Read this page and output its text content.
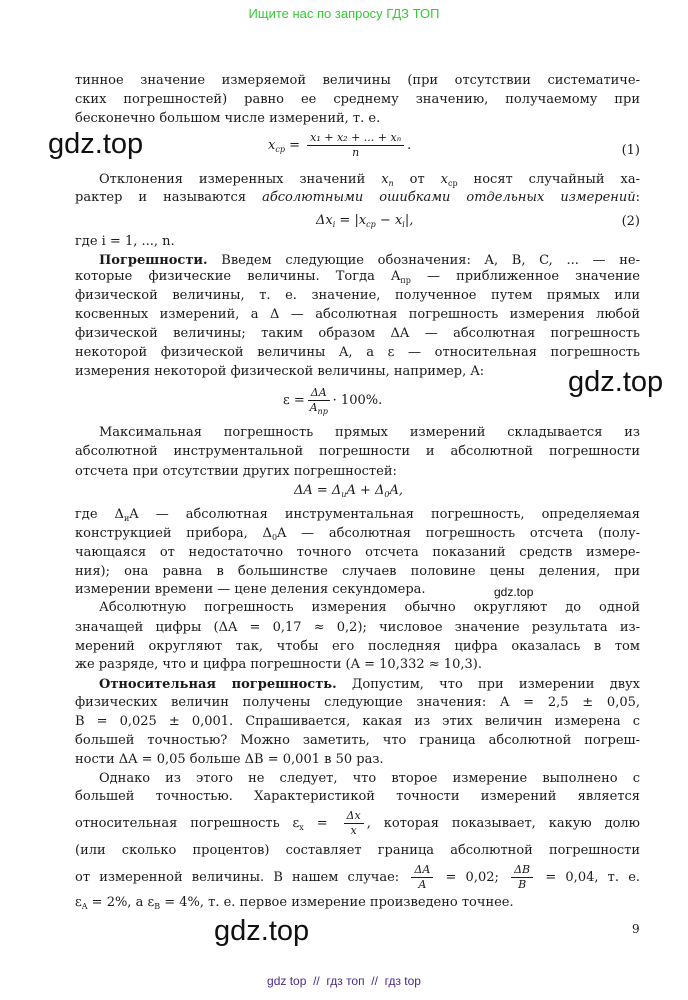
Ищите нас по запросу ГДЗ ТОП
тинное значение измеряемой величины (при отсутствии систематиче-
ских погрешностей) равно ее среднему значению, получаемому при
бесконечно большом числе измерений, т. е.
$x_{ср} = \frac{\text{x₁ + x₂ + ... + xₙ}}{n}$ .	(1)
Отклонения измеренных значений $x_n$ от $x_{ср}$ носят случайный ха-
рактер и называются абсолютными ошибками отдельных измерений:
$\Delta x_i = |x_{ср} - x_i|$,	(2)
где i = 1, ..., n.
Погрешности. Введем следующие обозначения: A, B, C, ... — не-
которые физические величины. Тогда $A_{пр}$ — приближенное значение
физической величины, т. е. значение, полученное путем прямых или
косвенных измерений, а Δ — абсолютная погрешность измерения любой
физической величины; таким образом ΔA — абсолютная погрешность
некоторой физической величины A, а ε — относительная погрешность
измерения некоторой физической величины, например, A:
$\varepsilon = \frac{\Delta A}{A_{пр}} \cdot 100\%$.
Максимальная погрешность прямых измерений складывается из
абсолютной инструментальной погрешности и абсолютной погрешности
отсчета при отсутствии других погрешностей:
$\Delta A = \Delta_иA + \Delta_0A$,
где $\Delta_иA$ — абсолютная инструментальная погрешность, определяемая
конструкцией прибора, $\Delta_0A$ — абсолютная погрешность отсчета (полу-
чающаяся от недостаточно точного отсчета показаний средств измере-
ния); она равна в большинстве случаев половине цены деления, при
измерении времени — цене деления секундомера.
Абсолютную погрешность измерения обычно округляют до одной
значащей цифры (ΔA = 0,17 ≈ 0,2); числовое значение результата из-
мерений округляют так, чтобы его последняя цифра оказалась в том
же разряде, что и цифра погрешности (A = 10,332 ≈ 10,3).
Относительная погрешность. Допустим, что при измерении двух
физических величин получены следующие значения: A = 2,5 ± 0,05,
B = 0,025 ± 0,001. Спрашивается, какая из этих величин измерена с
большей точностью? Можно заметить, что граница абсолютной погреш-
ности ΔA = 0,05 больше ΔB = 0,001 в 50 раз.
Однако из этого не следует, что второе измерение выполнено с
большей точностью. Характеристикой точности измерений является
относительная погрешность $\varepsilon_x = \frac{\Delta x}{x}$ , которая показывает, какую долю
(или сколько процентов) составляет граница абсолютной погрешности
от измеренной величины. В нашем случае: $\frac{\Delta A}{A} = 0,02$; $\frac{\Delta B}{B} = 0,04$, т. е.
$\varepsilon_A = 2\%$, а $\varepsilon_B = 4\%$, т. е. первое измерение произведено точнее.
9
gdz.top
gdz.top
gdz.top
gdz.top
gdz top  //  гдз топ  //  гдз top
